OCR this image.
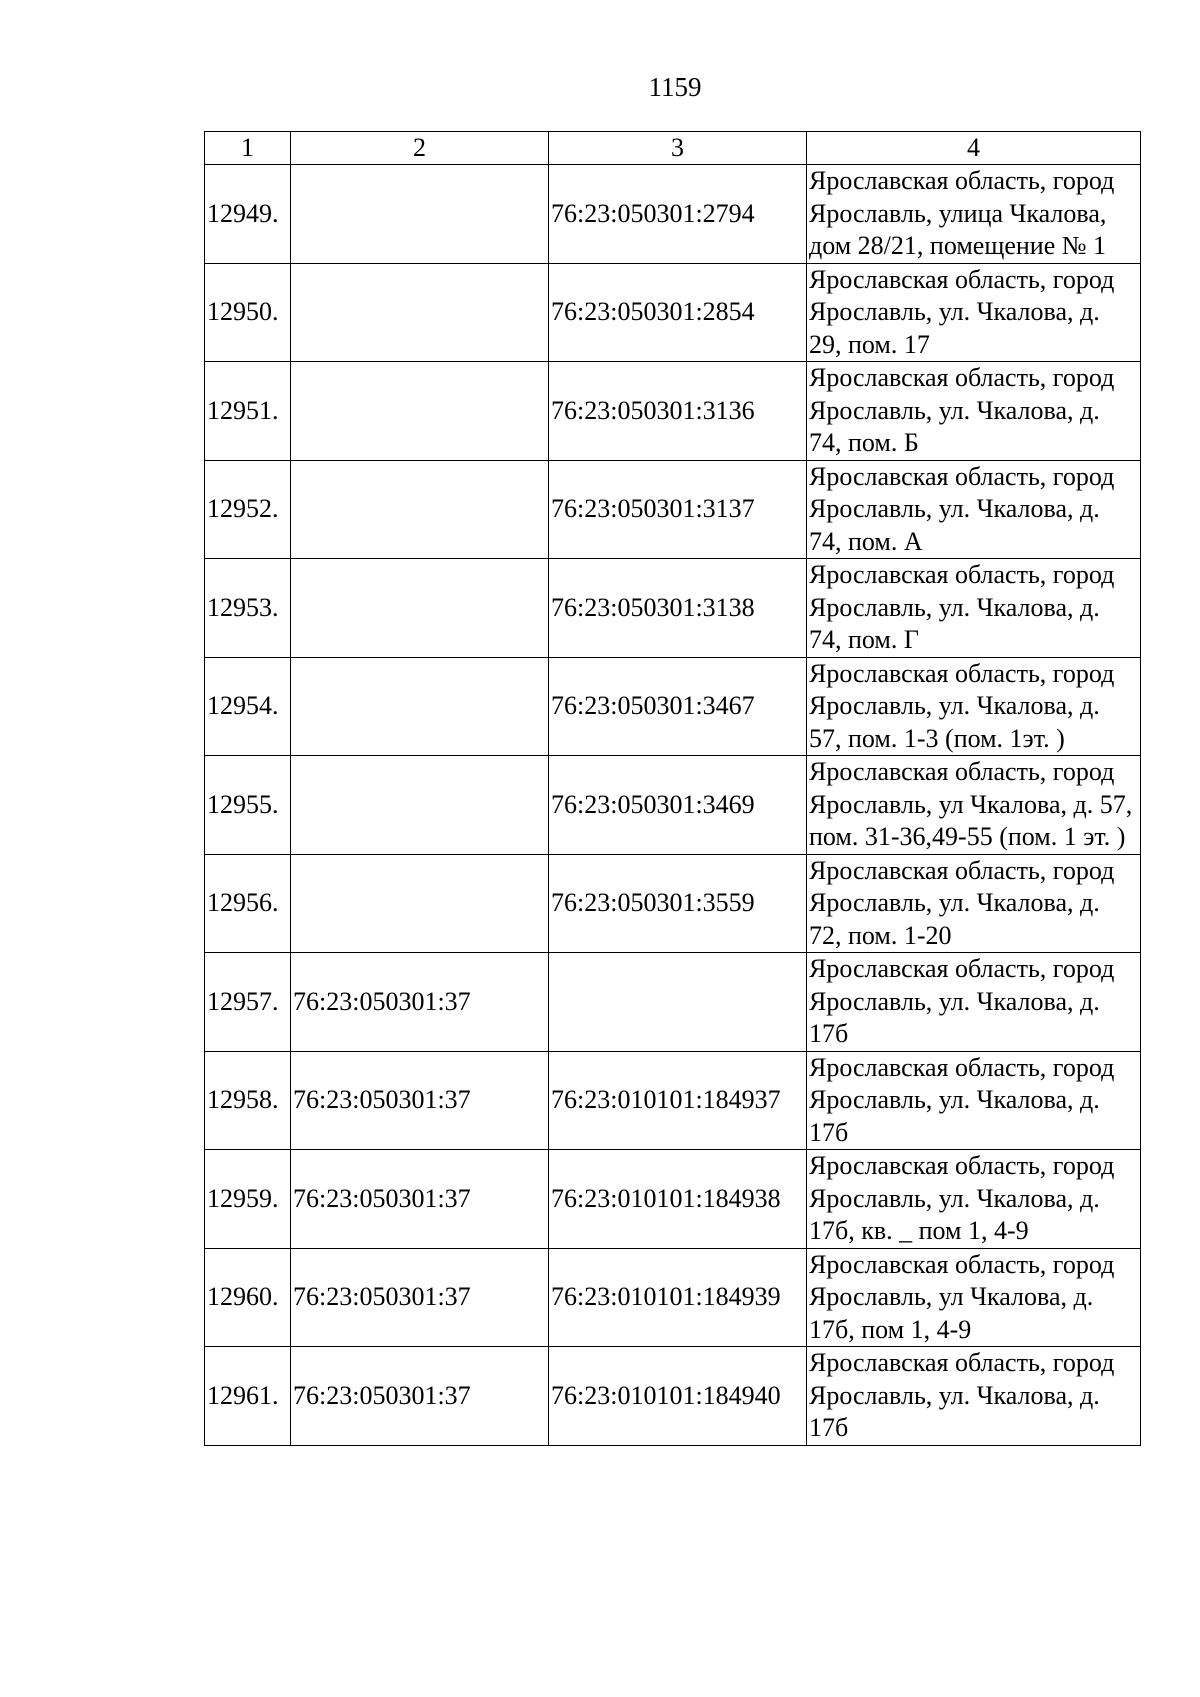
1159
1	2	3	4
12949.		76:23:050301:2794	Ярославская область, город Ярославль, улица Чкалова, дом 28/21, помещение № 1
12950.		76:23:050301:2854	Ярославская область, город Ярославль, ул. Чкалова, д. 29, пом. 17
12951.		76:23:050301:3136	Ярославская область, город Ярославль, ул. Чкалова, д. 74, пом. Б
12952.		76:23:050301:3137	Ярославская область, город Ярославль, ул. Чкалова, д. 74, пом. А
12953.		76:23:050301:3138	Ярославская область, город Ярославль, ул. Чкалова, д. 74, пом. Г
12954.		76:23:050301:3467	Ярославская область, город Ярославль, ул. Чкалова, д. 57, пом. 1-3 (пом. 1эт. )
12955.		76:23:050301:3469	Ярославская область, город Ярославль, ул Чкалова, д. 57, пом. 31-36,49-55 (пом. 1 эт. )
12956.		76:23:050301:3559	Ярославская область, город Ярославль, ул. Чкалова, д. 72, пом. 1-20
12957.	76:23:050301:37		Ярославская область, город Ярославль, ул. Чкалова, д. 17б
12958.	76:23:050301:37	76:23:010101:184937	Ярославская область, город Ярославль, ул. Чкалова, д. 17б
12959.	76:23:050301:37	76:23:010101:184938	Ярославская область, город Ярославль, ул. Чкалова, д. 17б, кв. _ пом 1, 4-9
12960.	76:23:050301:37	76:23:010101:184939	Ярославская область, город Ярославль, ул Чкалова, д. 17б, пом 1, 4-9
12961.	76:23:050301:37	76:23:010101:184940	Ярославская область, город Ярославль, ул. Чкалова, д. 17б
